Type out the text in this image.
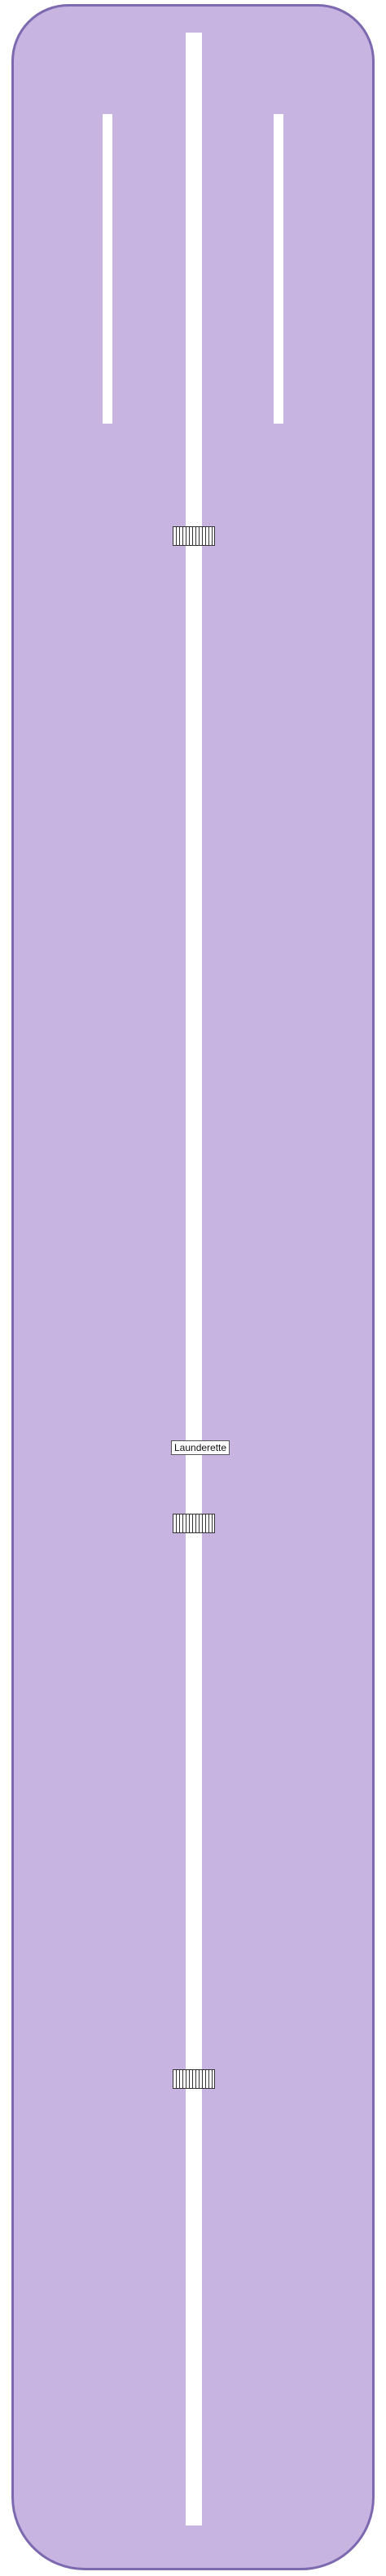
Launderette
